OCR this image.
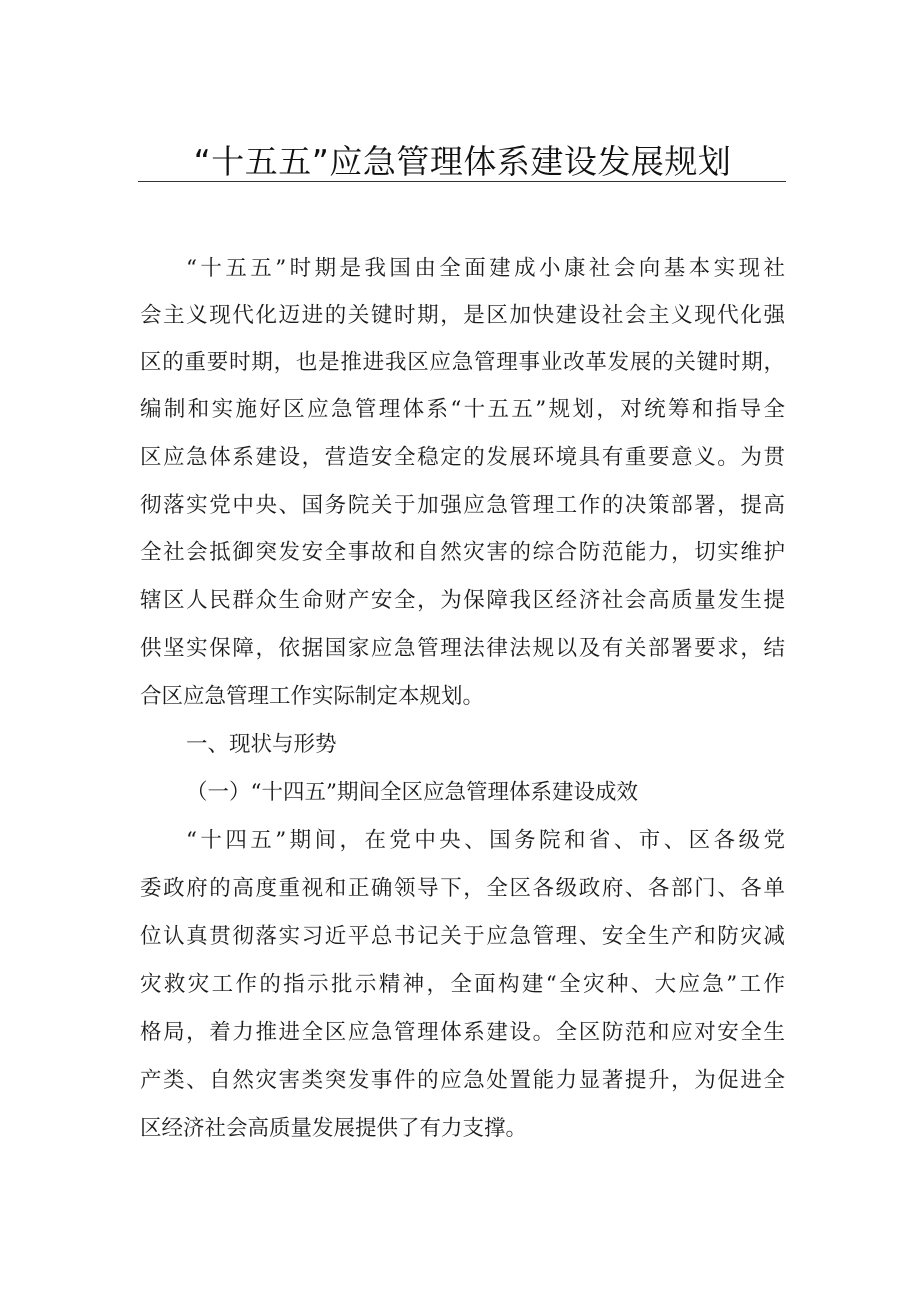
“十五五”应急管理体系建设发展规划
“十五五”时期是我国由全面建成小康社会向基本实现社
会主义现代化迈进的关键时期，是区加快建设社会主义现代化强
区的重要时期，也是推进我区应急管理事业改革发展的关键时期，
编制和实施好区应急管理体系“十五五”规划，对统筹和指导全
区应急体系建设，营造安全稳定的发展环境具有重要意义。为贯
彻落实党中央、国务院关于加强应急管理工作的决策部署，提高
全社会抵御突发安全事故和自然灾害的综合防范能力，切实维护
辖区人民群众生命财产安全，为保障我区经济社会高质量发生提
供坚实保障，依据国家应急管理法律法规以及有关部署要求，结
合区应急管理工作实际制定本规划。
一、现状与形势
（一）“十四五”期间全区应急管理体系建设成效
“十四五”期间，在党中央、国务院和省、市、区各级党
委政府的高度重视和正确领导下，全区各级政府、各部门、各单
位认真贯彻落实习近平总书记关于应急管理、安全生产和防灾减
灾救灾工作的指示批示精神，全面构建“全灾种、大应急”工作
格局，着力推进全区应急管理体系建设。全区防范和应对安全生
产类、自然灾害类突发事件的应急处置能力显著提升，为促进全
区经济社会高质量发展提供了有力支撑。
